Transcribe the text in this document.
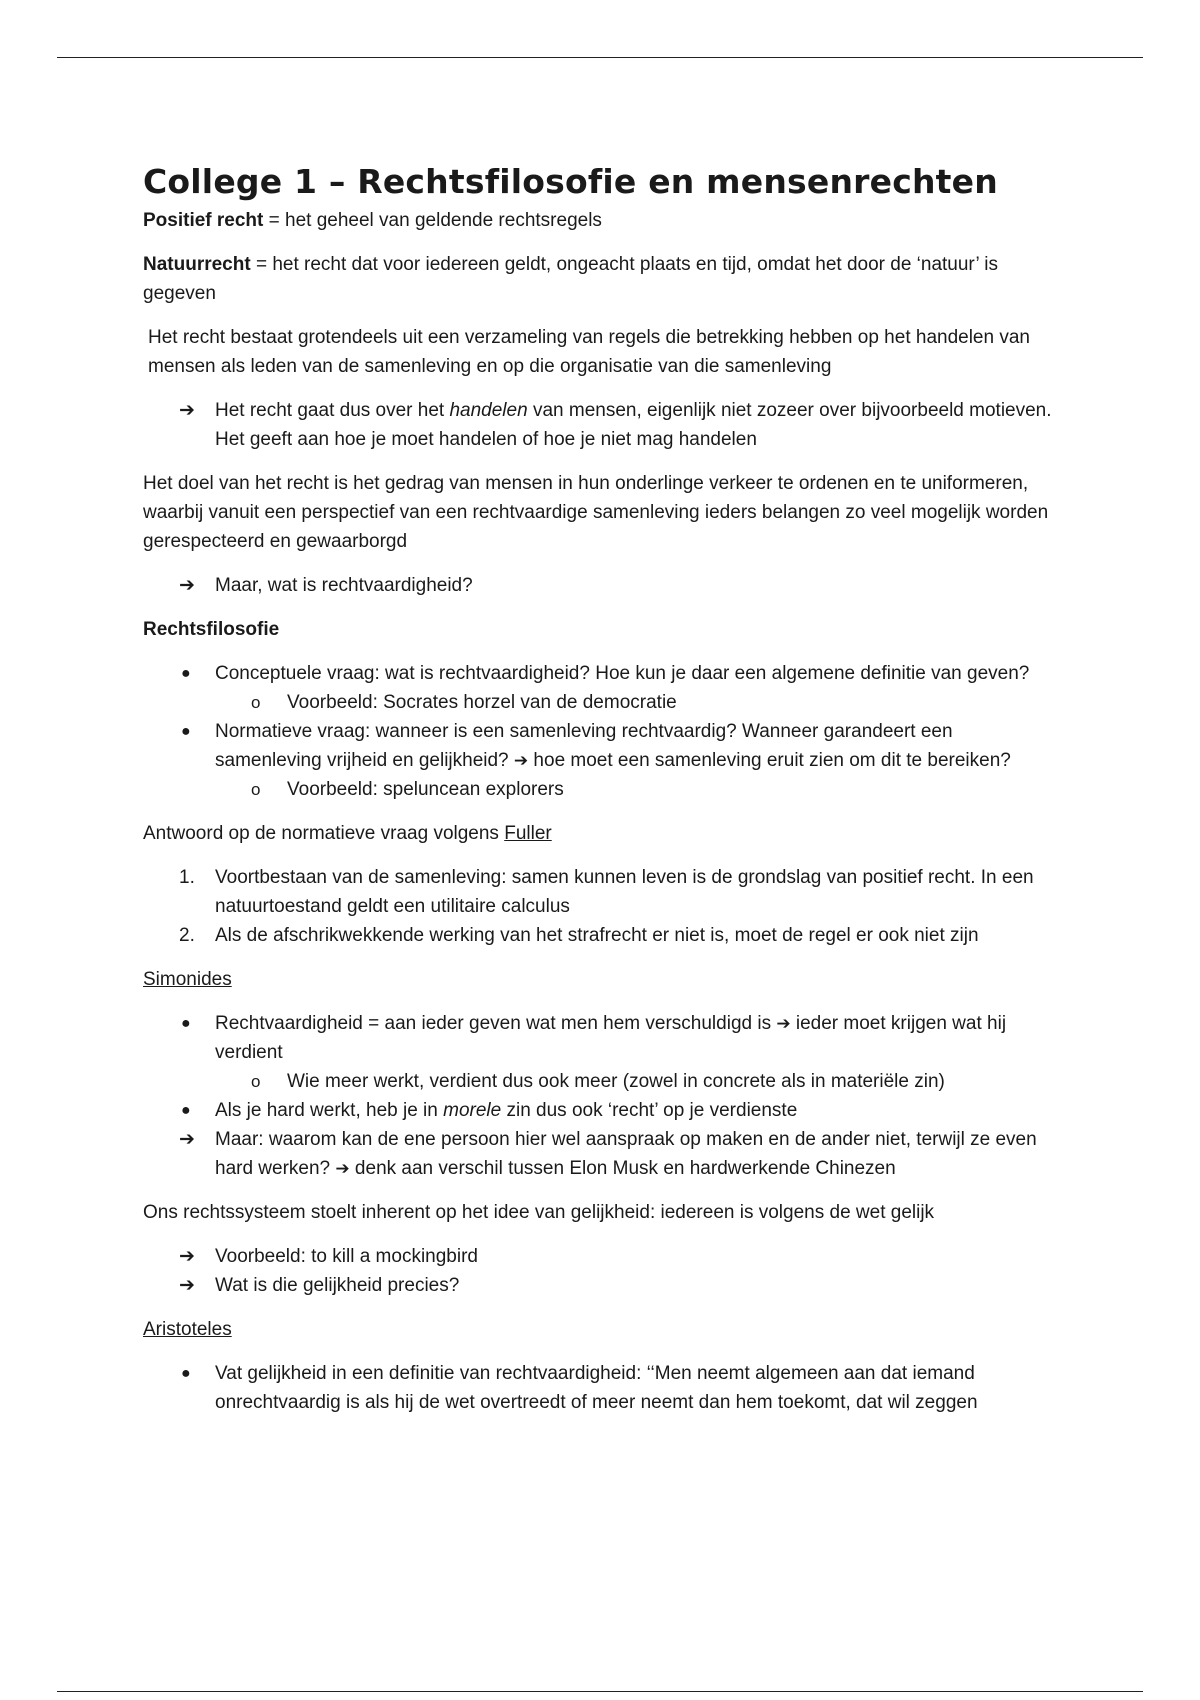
College 1 – Rechtsfilosofie en mensenrechten

Positief recht = het geheel van geldende rechtsregels

Natuurrecht = het recht dat voor iedereen geldt, ongeacht plaats en tijd, omdat het door de ‘natuur’ is gegeven

Het recht bestaat grotendeels uit een verzameling van regels die betrekking hebben op het handelen van mensen als leden van de samenleving en op die organisatie van die samenleving

➔	Het recht gaat dus over het handelen van mensen, eigenlijk niet zozeer over bijvoorbeeld motieven. Het geeft aan hoe je moet handelen of hoe je niet mag handelen

Het doel van het recht is het gedrag van mensen in hun onderlinge verkeer te ordenen en te uniformeren, waarbij vanuit een perspectief van een rechtvaardige samenleving ieders belangen zo veel mogelijk worden gerespecteerd en gewaarborgd

➔	Maar, wat is rechtvaardigheid?

Rechtsfilosofie

●	Conceptuele vraag: wat is rechtvaardigheid? Hoe kun je daar een algemene definitie van geven?
o	Voorbeeld: Socrates horzel van de democratie
●	Normatieve vraag: wanneer is een samenleving rechtvaardig? Wanneer garandeert een samenleving vrijheid en gelijkheid? ➔ hoe moet een samenleving eruit zien om dit te bereiken?
o	Voorbeeld: speluncean explorers

Antwoord op de normatieve vraag volgens Fuller

1.	Voortbestaan van de samenleving: samen kunnen leven is de grondslag van positief recht. In een natuurtoestand geldt een utilitaire calculus
2.	Als de afschrikwekkende werking van het strafrecht er niet is, moet de regel er ook niet zijn

Simonides

●	Rechtvaardigheid = aan ieder geven wat men hem verschuldigd is ➔ ieder moet krijgen wat hij verdient
o	Wie meer werkt, verdient dus ook meer (zowel in concrete als in materiële zin)
●	Als je hard werkt, heb je in morele zin dus ook ‘recht’ op je verdienste
➔	Maar: waarom kan de ene persoon hier wel aanspraak op maken en de ander niet, terwijl ze even hard werken? ➔ denk aan verschil tussen Elon Musk en hardwerkende Chinezen

Ons rechtssysteem stoelt inherent op het idee van gelijkheid: iedereen is volgens de wet gelijk

➔	Voorbeeld: to kill a mockingbird
➔	Wat is die gelijkheid precies?

Aristoteles

●	Vat gelijkheid in een definitie van rechtvaardigheid: ‘‘Men neemt algemeen aan dat iemand onrechtvaardig is als hij de wet overtreedt of meer neemt dan hem toekomt, dat wil zeggen
